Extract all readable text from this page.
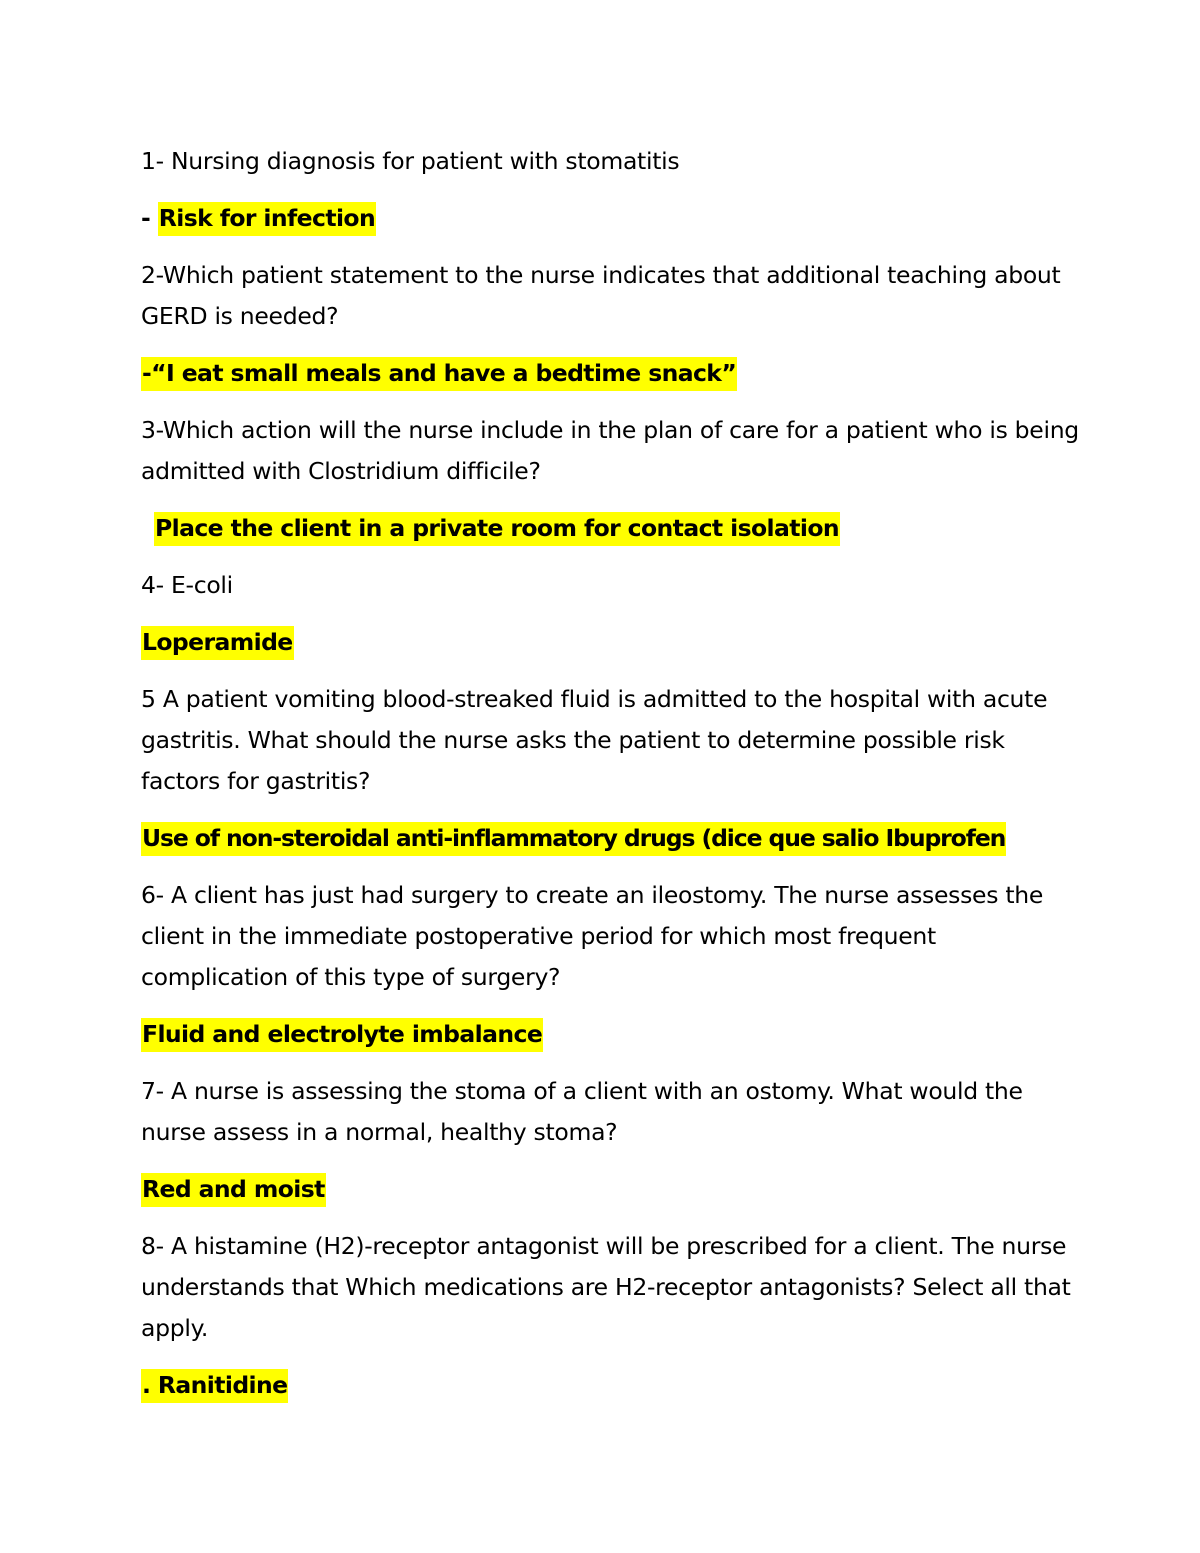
1- Nursing diagnosis for patient with stomatitis

- Risk for infection

2-Which patient statement to the nurse indicates that additional teaching about GERD is needed?

-“I eat small meals and have a bedtime snack”

3-Which action will the nurse include in the plan of care for a patient who is being admitted with Clostridium difficile?

Place the client in a private room for contact isolation

4- E-coli

Loperamide

5 A patient vomiting blood-streaked fluid is admitted to the hospital with acute gastritis. What should the nurse asks the patient to determine possible risk factors for gastritis?

Use of non-steroidal anti-inflammatory drugs (dice que salio Ibuprofen

6- A client has just had surgery to create an ileostomy. The nurse assesses the client in the immediate postoperative period for which most frequent complication of this type of surgery?

Fluid and electrolyte imbalance

7- A nurse is assessing the stoma of a client with an ostomy. What would the nurse assess in a normal, healthy stoma?

Red and moist

8- A histamine (H2)-receptor antagonist will be prescribed for a client. The nurse understands that Which medications are H2-receptor antagonists? Select all that apply.

. Ranitidine
